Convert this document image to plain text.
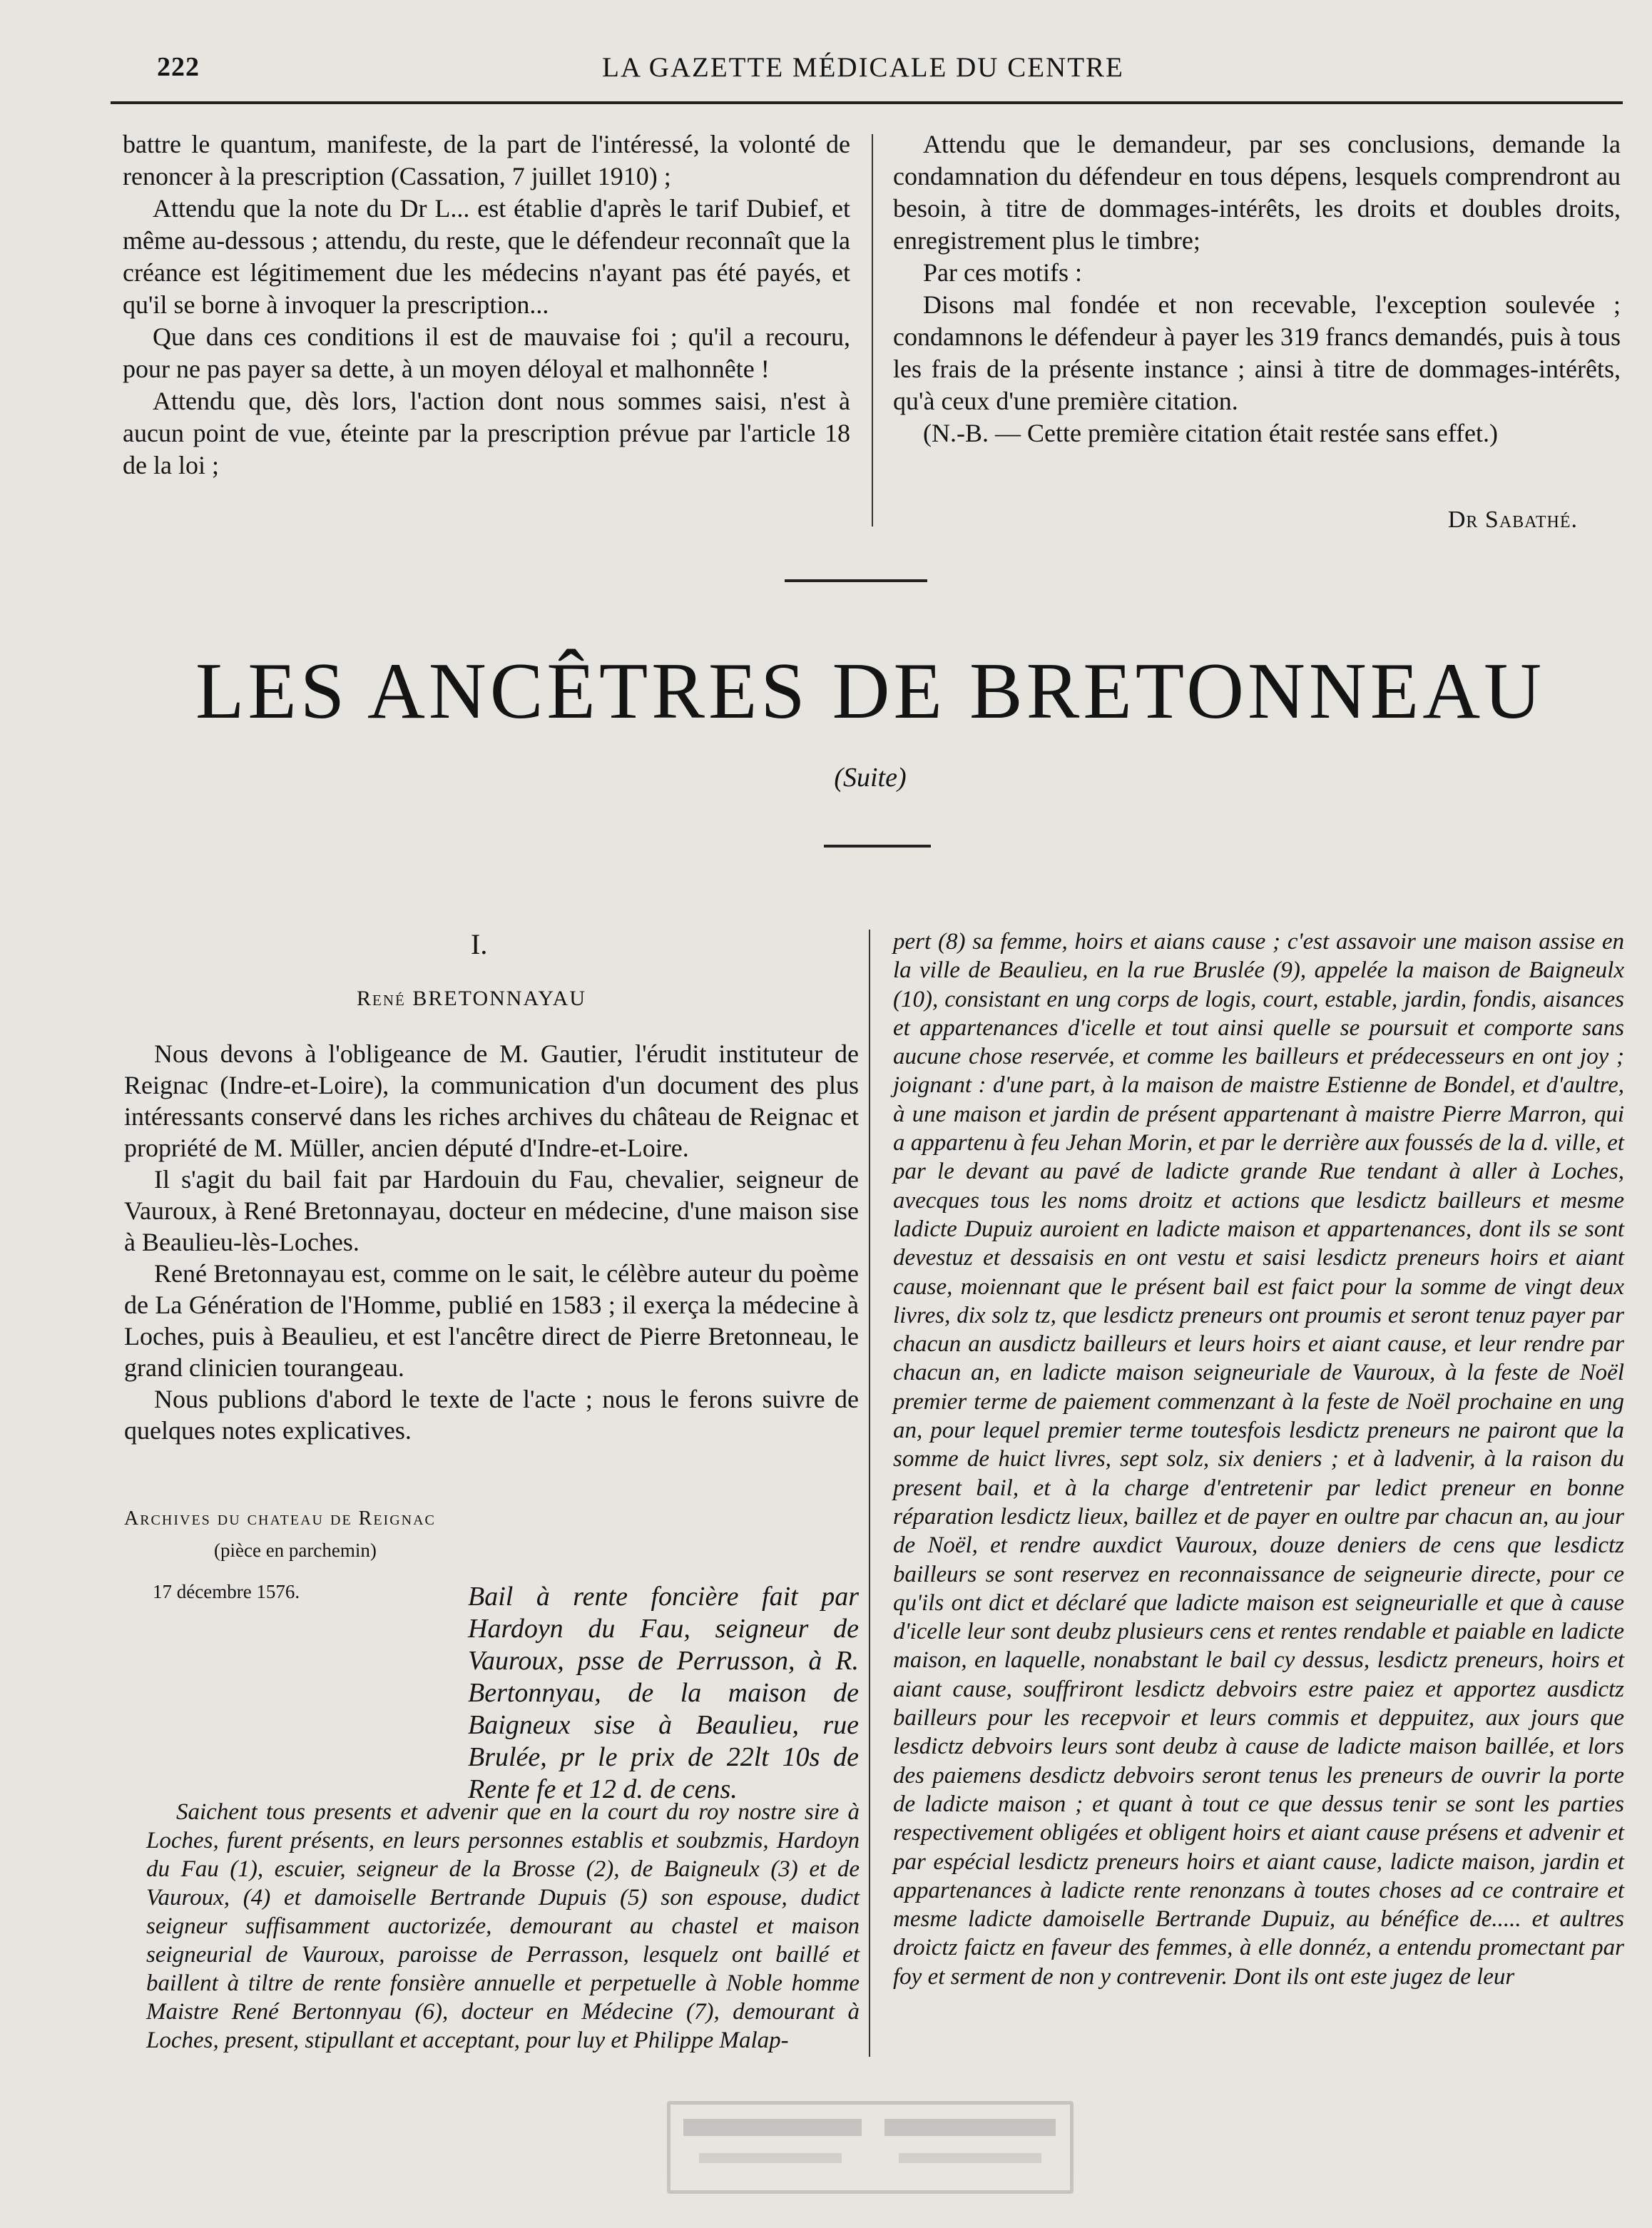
222	LA GAZETTE MÉDICALE DU CENTRE

battre le quantum, manifeste, de la part de l'intéressé, la volonté de renoncer à la prescription (Cassation, 7 juillet 1910) ;

Attendu que la note du Dr L... est établie d'après le tarif Dubief, et même au-dessous ; attendu, du reste, que le défendeur reconnaît que la créance est légitimement due les médecins n'ayant pas été payés, et qu'il se borne à invoquer la prescription...

Que dans ces conditions il est de mauvaise foi ; qu'il a recouru, pour ne pas payer sa dette, à un moyen déloyal et malhonnête !

Attendu que, dès lors, l'action dont nous sommes saisi, n'est à aucun point de vue, éteinte par la prescription prévue par l'article 18 de la loi ;

Attendu que le demandeur, par ses conclusions, demande la condamnation du défendeur en tous dépens, lesquels comprendront au besoin, à titre de dommages-intérêts, les droits et doubles droits, enregistrement plus le timbre;

Par ces motifs :

Disons mal fondée et non recevable, l'exception soulevée ; condamnons le défendeur à payer les 319 francs demandés, puis à tous les frais de la présente instance ; ainsi à titre de dommages-intérêts, qu'à ceux d'une première citation.

(N.-B. — Cette première citation était restée sans effet.)

Dr Sabathé.
LES ANCÊTRES DE BRETONNEAU
(Suite)
I.
René BRETONNAYAU

Nous devons à l'obligeance de M. Gautier, l'érudit instituteur de Reignac (Indre-et-Loire), la communication d'un document des plus intéressants conservé dans les riches archives du château de Reignac et propriété de M. Müller, ancien député d'Indre-et-Loire.

Il s'agit du bail fait par Hardouin du Fau, chevalier, seigneur de Vauroux, à René Bretonnayau, docteur en médecine, d'une maison sise à Beaulieu-lès-Loches.

René Bretonnayau est, comme on le sait, le célèbre auteur du poème de La Génération de l'Homme, publié en 1583 ; il exerça la médecine à Loches, puis à Beaulieu, et est l'ancêtre direct de Pierre Bretonneau, le grand clinicien tourangeau.

Nous publions d'abord le texte de l'acte ; nous le ferons suivre de quelques notes explicatives.

Archives du chateau de Reignac
(pièce en parchemin)
17 décembre 1576.	Bail à rente foncière fait par Hardoyn du Fau, seigneur de Vauroux, psse de Perrusson, à R. Bertonnyau, de la maison de Baigneux sise à Beaulieu, rue Brulée, pr le prix de 22lt 10s de Rente fe et 12 d. de cens.

Saichent tous presents et advenir que en la court du roy nostre sire à Loches, furent présents, en leurs personnes establis et soubzmis, Hardoyn du Fau (1), escuier, seigneur de la Brosse (2), de Baigneulx (3) et de Vauroux, (4) et damoiselle Bertrande Dupuis (5) son espouse, dudict seigneur suffisamment auctorizée, demourant au chastel et maison seigneurial de Vauroux, paroisse de Perrasson, lesquelz ont baillé et baillent à tiltre de rente fonsière annuelle et perpetuelle à Noble homme Maistre René Bertonnyau (6), docteur en Médecine (7), demourant à Loches, present, stipullant et acceptant, pour luy et Philippe Malap-

pert (8) sa femme, hoirs et aians cause ; c'est assavoir une maison assise en la ville de Beaulieu, en la rue Bruslée (9), appelée la maison de Baigneulx (10), consistant en ung corps de logis, court, estable, jardin, fondis, aisances et appartenances d'icelle et tout ainsi quelle se poursuit et comporte sans aucune chose reservée, et comme les bailleurs et prédecesseurs en ont joy ; joignant : d'une part, à la maison de maistre Estienne de Bondel, et d'aultre, à une maison et jardin de présent appartenant à maistre Pierre Marron, qui a appartenu à feu Jehan Morin, et par le derrière aux foussés de la d. ville, et par le devant au pavé de ladicte grande Rue tendant à aller à Loches, avecques tous les noms droitz et actions que lesdictz bailleurs et mesme ladicte Dupuiz auroient en ladicte maison et appartenances, dont ils se sont devestuz et dessaisis en ont vestu et saisi lesdictz preneurs hoirs et aiant cause, moiennant que le présent bail est faict pour la somme de vingt deux livres, dix solz tz, que lesdictz preneurs ont proumis et seront tenuz payer par chacun an ausdictz bailleurs et leurs hoirs et aiant cause, et leur rendre par chacun an, en ladicte maison seigneuriale de Vauroux, à la feste de Noël premier terme de paiement commenzant à la feste de Noël prochaine en ung an, pour lequel premier terme toutesfois lesdictz preneurs ne pairont que la somme de huict livres, sept solz, six deniers ; et à ladvenir, à la raison du present bail, et à la charge d'entretenir par ledict preneur en bonne réparation lesdictz lieux, baillez et de payer en oultre par chacun an, au jour de Noël, et rendre auxdict Vauroux, douze deniers de cens que lesdictz bailleurs se sont reservez en reconnaissance de seigneurie directe, pour ce qu'ils ont dict et déclaré que ladicte maison est seigneurialle et que à cause d'icelle leur sont deubz plusieurs cens et rentes rendable et paiable en ladicte maison, en laquelle, nonabstant le bail cy dessus, lesdictz preneurs, hoirs et aiant cause, souffriront lesdictz debvoirs estre paiez et apportez ausdictz bailleurs pour les recepvoir et leurs commis et deppuitez, aux jours que lesdictz debvoirs leurs sont deubz à cause de ladicte maison baillée, et lors des paiemens desdictz debvoirs seront tenus les preneurs de ouvrir la porte de ladicte maison ; et quant à tout ce que dessus tenir se sont les parties respectivement obligées et obligent hoirs et aiant cause présens et advenir et par espécial lesdictz preneurs hoirs et aiant cause, ladicte maison, jardin et appartenances à ladicte rente renonzans à toutes choses ad ce contraire et mesme ladicte damoiselle Bertrande Dupuiz, au bénéfice de..... et aultres droictz faictz en faveur des femmes, à elle donnéz, a entendu promectant par foy et serment de non y contrevenir. Dont ils ont este jugez de leur
